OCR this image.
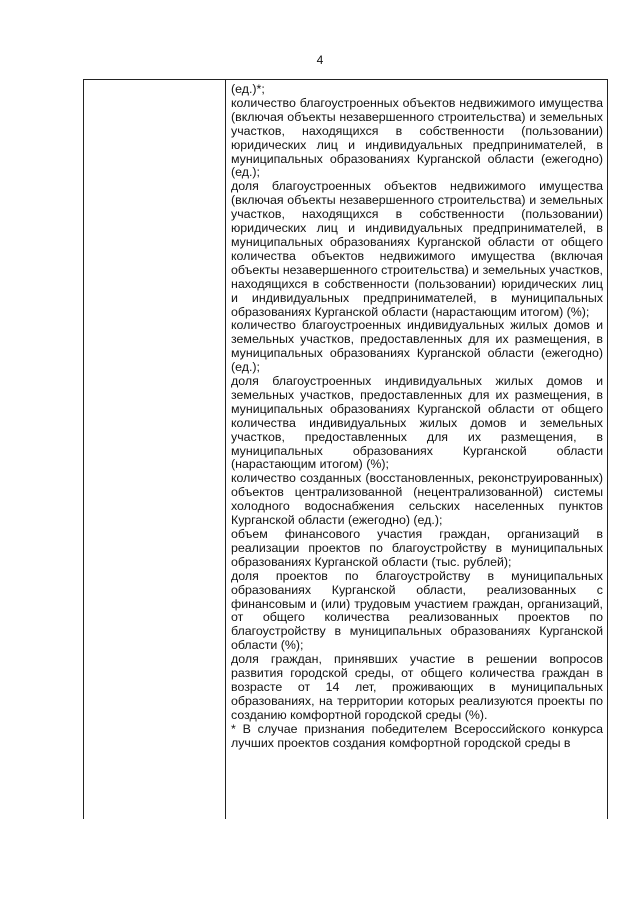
4

(ед.)*;

количество благоустроенных объектов недвижимого имущества (включая объекты незавершенного строительства) и земельных участков, находящихся в собственности (пользовании) юридических лиц и индивидуальных предпринимателей, в муниципальных образованиях Курганской области (ежегодно) (ед.);

доля благоустроенных объектов недвижимого имущества (включая объекты незавершенного строительства) и земельных участков, находящихся в собственности (пользовании) юридических лиц и индивидуальных предпринимателей, в муниципальных образованиях Курганской области от общего количества объектов недвижимого имущества (включая объекты незавершенного строительства) и земельных участков, находящихся в собственности (пользовании) юридических лиц и индивидуальных предпринимателей, в муниципальных образованиях Курганской области (нарастающим итогом) (%);

количество благоустроенных индивидуальных жилых домов и земельных участков, предоставленных для их размещения, в муниципальных образованиях Курганской области (ежегодно) (ед.);

доля благоустроенных индивидуальных жилых домов и земельных участков, предоставленных для их размещения, в муниципальных образованиях Курганской области от общего количества индивидуальных жилых домов и земельных участков, предоставленных для их размещения, в муниципальных образованиях Курганской области (нарастающим итогом) (%);

количество созданных (восстановленных, реконструированных) объектов централизованной (нецентрализованной) системы холодного водоснабжения сельских населенных пунктов Курганской области (ежегодно) (ед.);

объем финансового участия граждан, организаций в реализации проектов по благоустройству в муниципальных образованиях Курганской области (тыс. рублей);

доля проектов по благоустройству в муниципальных образованиях Курганской области, реализованных с финансовым и (или) трудовым участием граждан, организаций, от общего количества реализованных проектов по благоустройству в муниципальных образованиях Курганской области (%);

доля граждан, принявших участие в решении вопросов развития городской среды, от общего количества граждан в возрасте от 14 лет, проживающих в муниципальных образованиях, на территории которых реализуются проекты по созданию комфортной городской среды (%).

* В случае признания победителем Всероссийского конкурса лучших проектов создания комфортной городской среды в
